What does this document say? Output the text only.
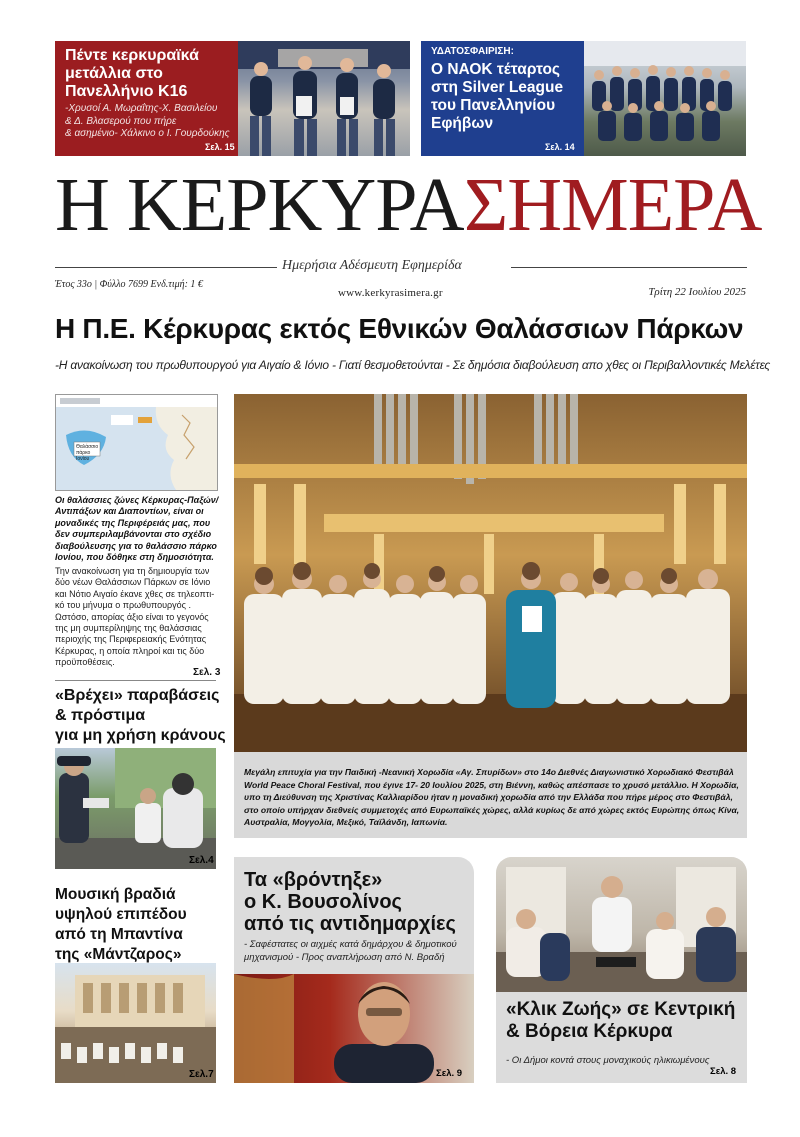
Πέντε κερκυραϊκά
μετάλλια στο
Πανελλήνιο Κ16
-Χρυσοί Α. Μωραΐτης-Χ. Βασιλείου
& Δ. Βλασερού που πήρε
& ασημένιο- Χάλκινο ο Ι. Γουρδούκης
Σελ. 15
ΥΔΑΤΟΣΦΑΙΡΙΣΗ:
Ο ΝΑΟΚ τέταρτος
στη Silver League
του Πανελληνίου
Εφήβων
Σελ. 14
Η ΚΕΡΚΥΡΑ ΣΗΜΕΡΑ
Ημερήσια Αδέσμευτη Εφημερίδα
Έτος 33ο | Φύλλο 7699 Ενδ.τιμή: 1 €
www.kerkyrasimera.gr	Τρίτη 22 Ιουλίου 2025
Η Π.Ε. Κέρκυρας εκτός Εθνικών Θαλάσσιων Πάρκων
-Η ανακοίνωση του πρωθυπουργού για Αιγαίο & Ιόνιο - Γιατί θεσμοθετούνται - Σε δημόσια διαβούλευση απο χθες οι Περιβαλλοντικές Μελέτες
Θαλάσσιο πάρκο Ιονίου
Οι θαλάσσιες ζώνες Κέρκυρας-Παξών/
Αντιπάξων και Διαποντίων, είναι οι
μοναδικές της Περιφέρειάς μας, που
δεν συμπεριλαμβάνονται στο σχέδιο
διαβούλευσης για το θαλάσσιο πάρκο
Ιονίου, που δόθηκε στη δημοσιότητα.
Την ανακοίνωση για τη δημιουργία των
δύο νέων Θαλάσσιων Πάρκων σε Ιόνιο
και Νότιο Αιγαίο έκανε χθες σε τηλεοπτι-
κό του μήνυμα ο πρωθυπουργός .
Ωστόσο, απορίας άξιο είναι το γεγονός
της μη συμπερίληψης της θαλάσσιας
περιοχής της Περιφερειακής Ενότητας
Κέρκυρας, η οποία πληροί και τις δύο
προϋποθέσεις.
Σελ. 3
«Βρέχει» παραβάσεις
& πρόστιμα
για μη χρήση κράνους
Σελ.4
Μουσική βραδιά
υψηλού επιπέδου
από τη Μπαντίνα
της «Μάντζαρος»
Σελ.7
Μεγάλη επιτυχία για την Παιδική -Νεανική Χορωδία «Αγ. Σπυρίδων» στο 14ο Διεθνές Διαγωνιστικό Χορωδιακό Φεστιβάλ
World Peace Choral Festival, που έγινε 17- 20 Ιουλίου 2025, στη Βιέννη, καθώς απέσπασε το χρυσό μετάλλιο. Η Χορωδία,
υπο τη Διεύθυνση της Χριστίνας Καλλιαρίδου ήταν η μοναδική χορωδία από την Ελλάδα που πήρε μέρος στο Φεστιβάλ,
στο οποίο υπήρχαν διεθνείς συμμετοχές από Ευρωπαϊκές χώρες, αλλά κυρίως δε από χώρες εκτός Ευρώπης όπως Κίνα,
Αυστραλία, Μογγολία, Μεξικό, Ταϊλάνδη, Ιαπωνία.
Τα «βρόντηξε»
ο Κ. Βουσολίνος
από τις αντιδημαρχίες
- Σαφέστατες οι αιχμές κατά δημάρχου & δημοτικού
μηχανισμού - Προς αναπλήρωση από Ν. Βραδή
Σελ. 9
«Κλικ Ζωής» σε Κεντρική
& Βόρεια Κέρκυρα
- Οι Δήμοι κοντά στους μοναχικούς ηλικιωμένους
Σελ. 8
